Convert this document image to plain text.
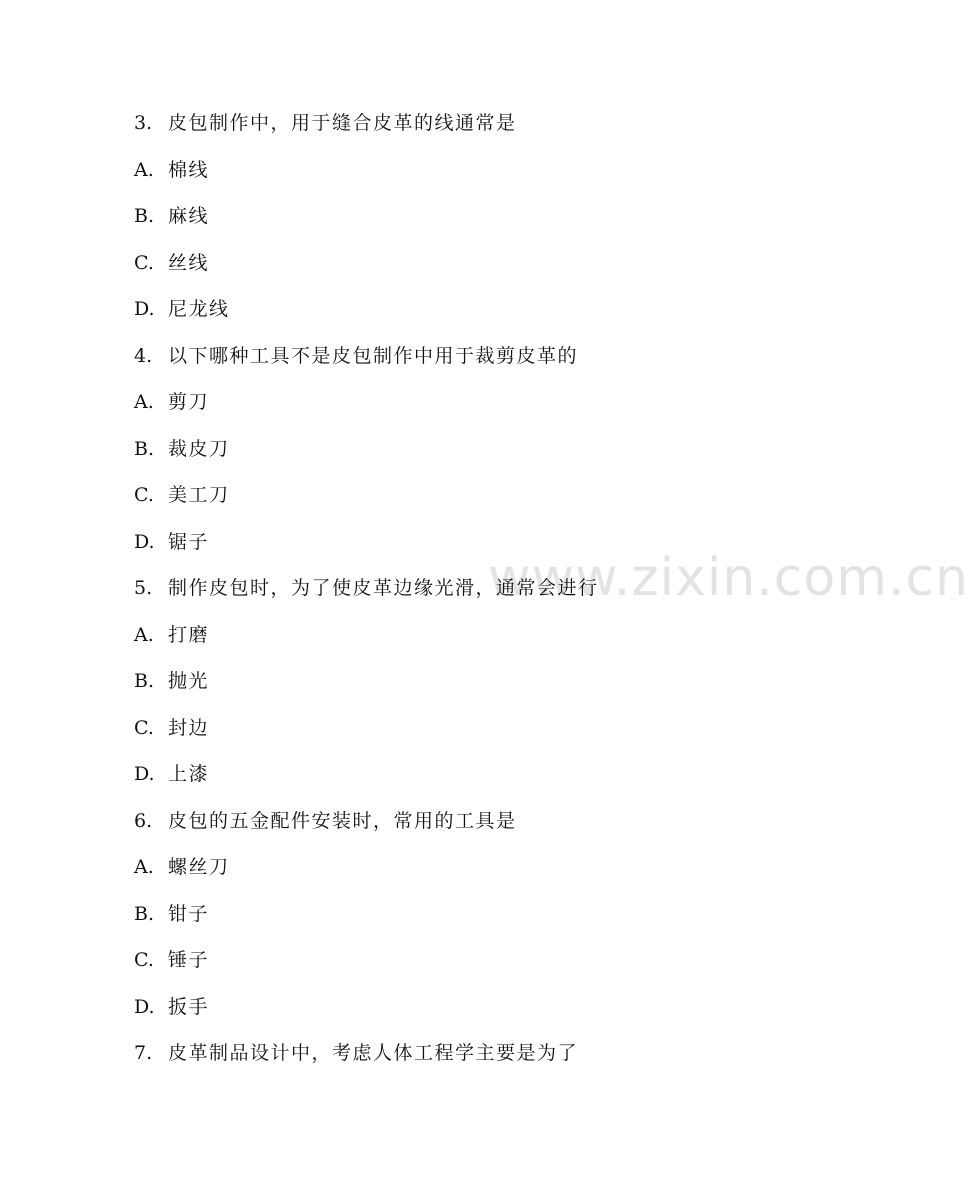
www.zixin.com.cn
3. 皮包制作中，用于缝合皮革的线通常是
A. 棉线
B. 麻线
C. 丝线
D. 尼龙线
4. 以下哪种工具不是皮包制作中用于裁剪皮革的
A. 剪刀
B. 裁皮刀
C. 美工刀
D. 锯子
5. 制作皮包时，为了使皮革边缘光滑，通常会进行
A. 打磨
B. 抛光
C. 封边
D. 上漆
6. 皮包的五金配件安装时，常用的工具是
A. 螺丝刀
B. 钳子
C. 锤子
D. 扳手
7. 皮革制品设计中，考虑人体工程学主要是为了
